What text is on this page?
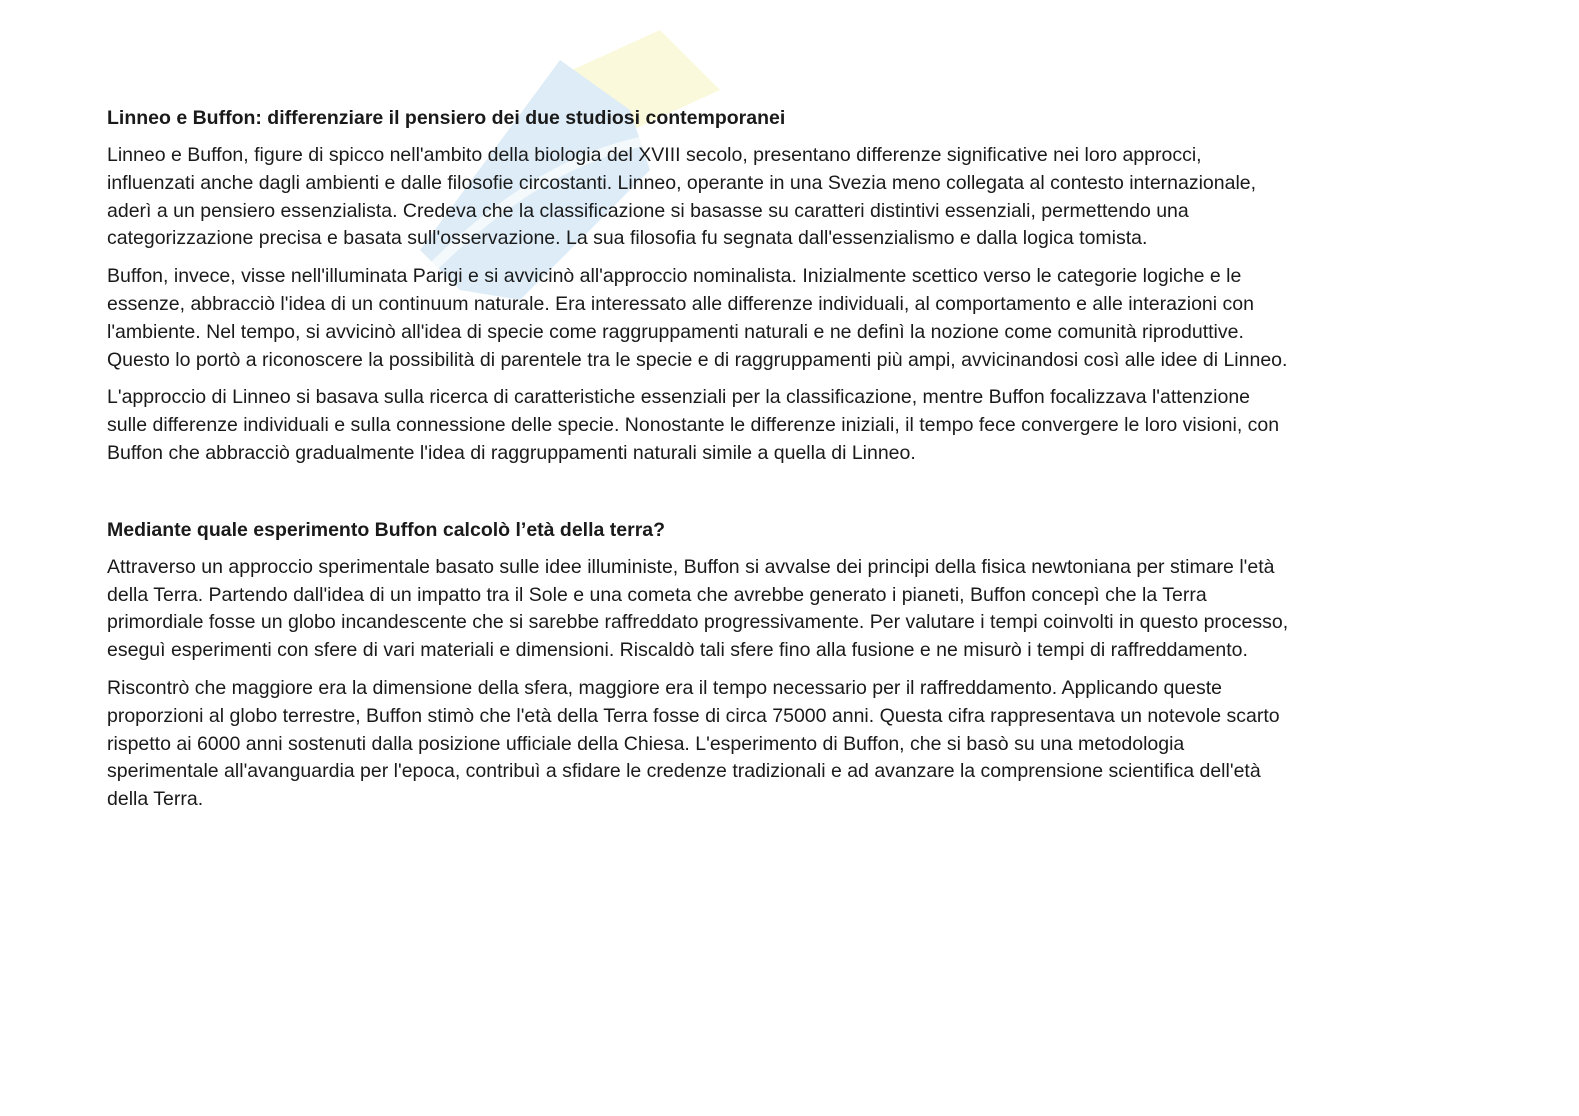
Linneo e Buffon: differenziare il pensiero dei due studiosi contemporanei

Linneo e Buffon, figure di spicco nell'ambito della biologia del XVIII secolo, presentano differenze significative nei loro approcci,
influenzati anche dagli ambienti e dalle filosofie circostanti. Linneo, operante in una Svezia meno collegata al contesto internazionale,
aderì a un pensiero essenzialista. Credeva che la classificazione si basasse su caratteri distintivi essenziali, permettendo una
categorizzazione precisa e basata sull'osservazione. La sua filosofia fu segnata dall'essenzialismo e dalla logica tomista.

Buffon, invece, visse nell'illuminata Parigi e si avvicinò all'approccio nominalista. Inizialmente scettico verso le categorie logiche e le
essenze, abbracciò l'idea di un continuum naturale. Era interessato alle differenze individuali, al comportamento e alle interazioni con
l'ambiente. Nel tempo, si avvicinò all'idea di specie come raggruppamenti naturali e ne definì la nozione come comunità riproduttive.
Questo lo portò a riconoscere la possibilità di parentele tra le specie e di raggruppamenti più ampi, avvicinandosi così alle idee di Linneo.

L'approccio di Linneo si basava sulla ricerca di caratteristiche essenziali per la classificazione, mentre Buffon focalizzava l'attenzione
sulle differenze individuali e sulla connessione delle specie. Nonostante le differenze iniziali, il tempo fece convergere le loro visioni, con
Buffon che abbracciò gradualmente l'idea di raggruppamenti naturali simile a quella di Linneo.

Mediante quale esperimento Buffon calcolò l’età della terra?

Attraverso un approccio sperimentale basato sulle idee illuministe, Buffon si avvalse dei principi della fisica newtoniana per stimare l'età
della Terra. Partendo dall'idea di un impatto tra il Sole e una cometa che avrebbe generato i pianeti, Buffon concepì che la Terra
primordiale fosse un globo incandescente che si sarebbe raffreddato progressivamente. Per valutare i tempi coinvolti in questo processo,
eseguì esperimenti con sfere di vari materiali e dimensioni. Riscaldò tali sfere fino alla fusione e ne misurò i tempi di raffreddamento.

Riscontrò che maggiore era la dimensione della sfera, maggiore era il tempo necessario per il raffreddamento. Applicando queste
proporzioni al globo terrestre, Buffon stimò che l'età della Terra fosse di circa 75000 anni. Questa cifra rappresentava un notevole scarto
rispetto ai 6000 anni sostenuti dalla posizione ufficiale della Chiesa. L'esperimento di Buffon, che si basò su una metodologia
sperimentale all'avanguardia per l'epoca, contribuì a sfidare le credenze tradizionali e ad avanzare la comprensione scientifica dell'età
della Terra.
